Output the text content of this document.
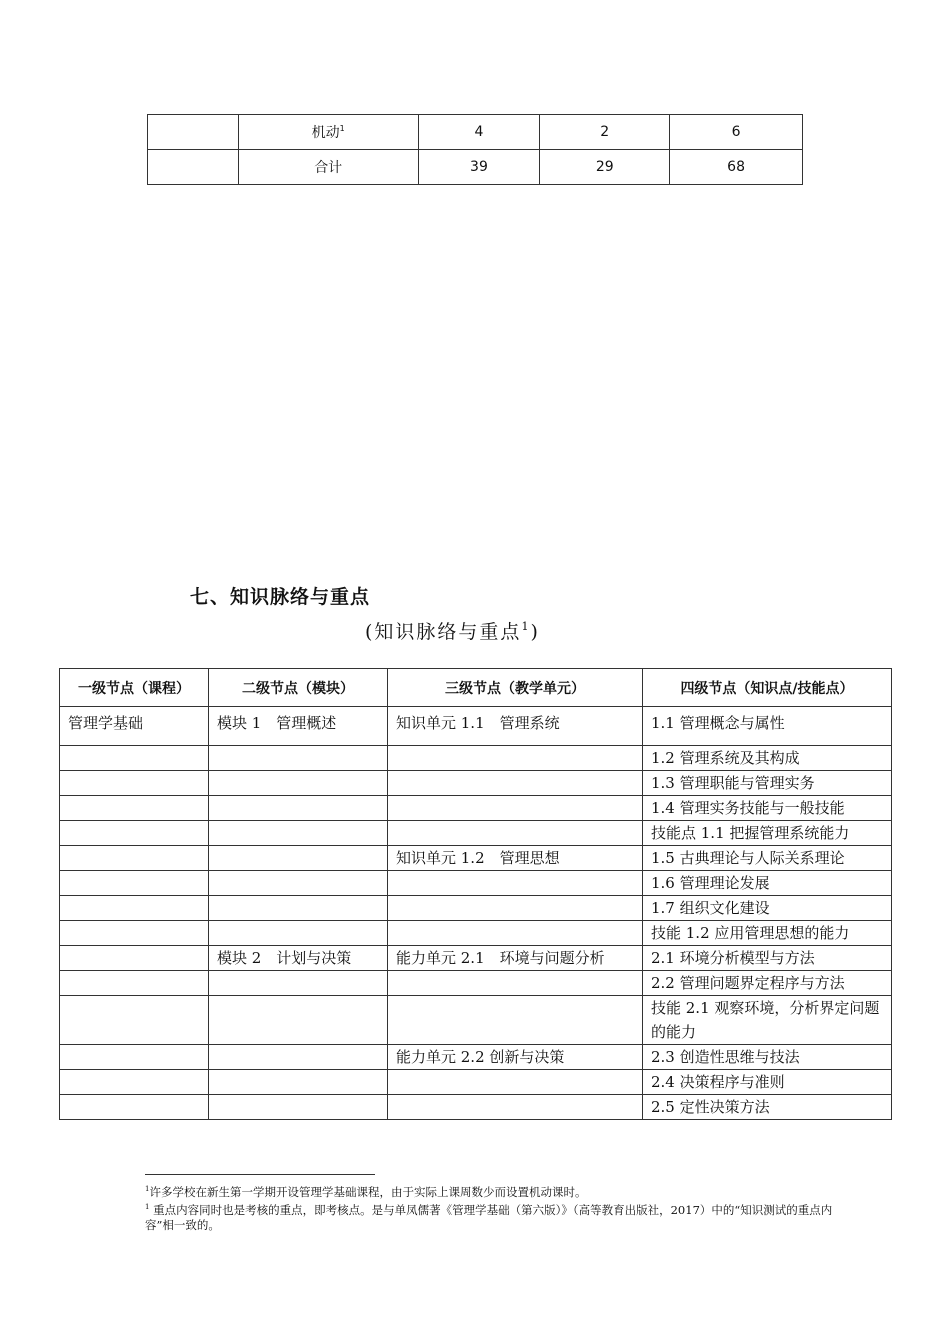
	机动$^1$	4	2	6
	合计	39	29	68
七、知识脉络与重点
(知识脉络与重点$^1$)
一级节点（课程）	二级节点（模块）	三级节点（教学单元）	四级节点（知识点/技能点）
管理学基础	模块 1　管理概述	知识单元 1.1　管理系统	1.1 管理概念与属性
			1.2 管理系统及其构成
			1.3 管理职能与管理实务
			1.4 管理实务技能与一般技能
			技能点 1.1 把握管理系统能力
		知识单元 1.2　管理思想	1.5 古典理论与人际关系理论
			1.6 管理理论发展
			1.7 组织文化建设
			技能 1.2 应用管理思想的能力
	模块 2　计划与决策	能力单元 2.1　环境与问题分析	2.1 环境分析模型与方法
			2.2 管理问题界定程序与方法
			技能 2.1 观察环境，分析界定问题的能力
		能力单元 2.2 创新与决策	2.3 创造性思维与技法
			2.4 决策程序与准则
			2.5 定性决策方法
$^1$许多学校在新生第一学期开设管理学基础课程，由于实际上课周数少而设置机动课时。
$^1$ 重点内容同时也是考核的重点，即考核点。是与单凤儒著《管理学基础（第六版）》（高等教育出版社，2017）中的“知识测试的重点内容”相一致的。
